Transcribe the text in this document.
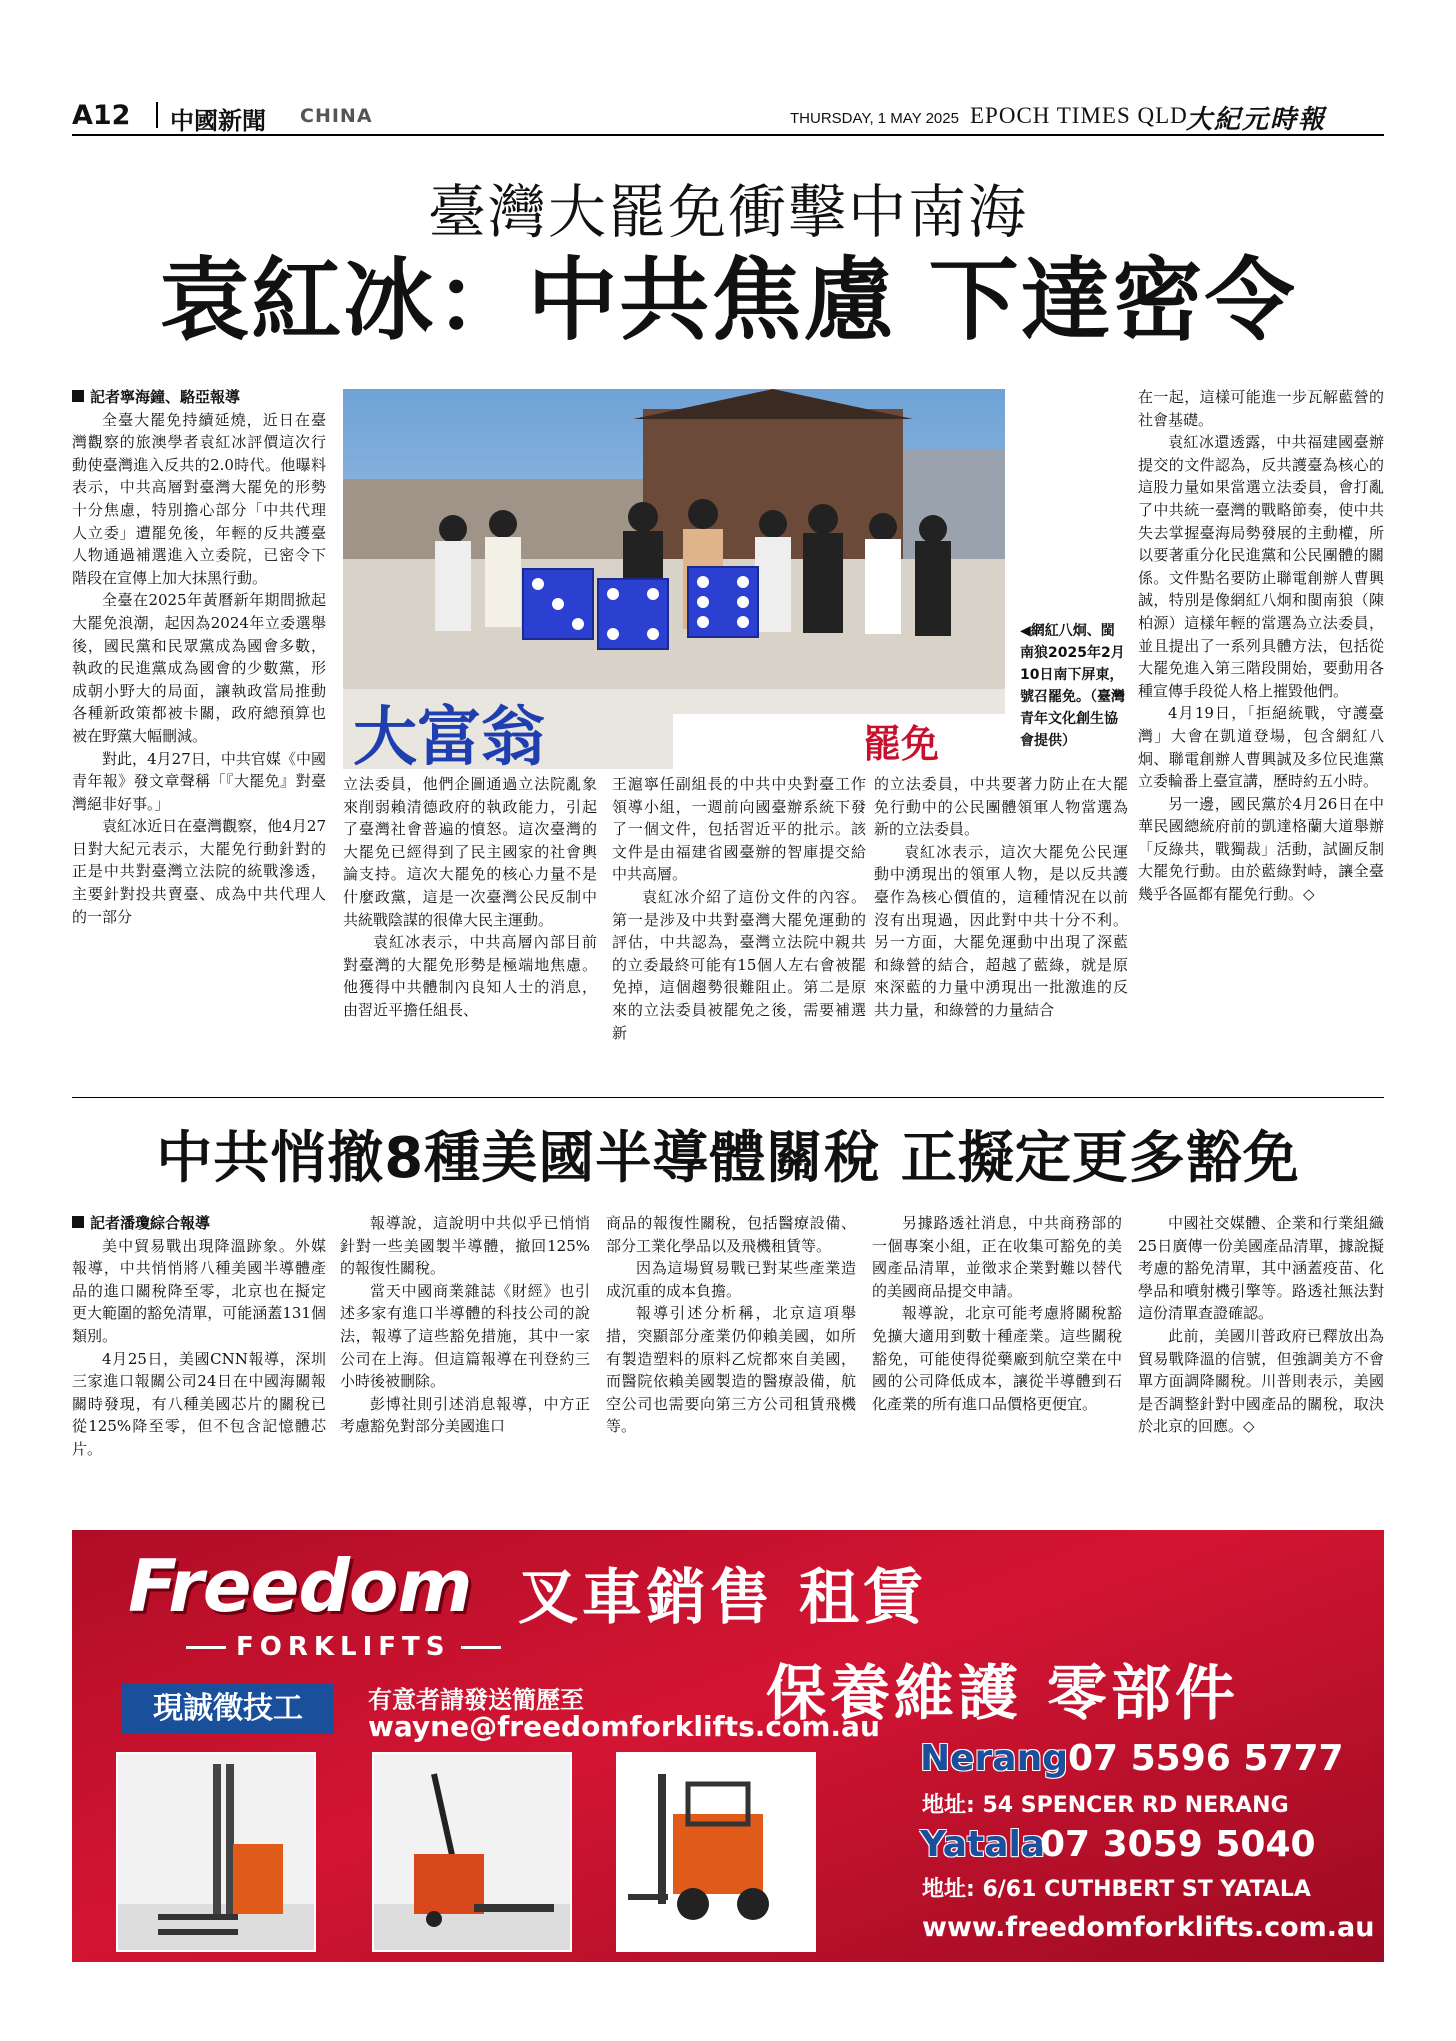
A12 中國新聞 CHINA	THURSDAY, 1 MAY 2025 EPOCH TIMES QLD
大紀元時報
臺灣大罷免衝擊中南海
袁紅冰：中共焦慮 下達密令
記者寧海鐘、駱亞報導

全臺大罷免持續延燒，近日在臺灣觀察的旅澳學者袁紅冰評價這次行動使臺灣進入反共的2.0時代。他曝料表示，中共高層對臺灣大罷免的形勢十分焦慮，特別擔心部分「中共代理人立委」遭罷免後，年輕的反共護臺人物通過補選進入立委院，已密令下階段在宣傳上加大抹黑行動。

全臺在2025年黃曆新年期間掀起大罷免浪潮，起因為2024年立委選舉後，國民黨和民眾黨成為國會多數，執政的民進黨成為國會的少數黨，形成朝小野大的局面，讓執政當局推動各種新政策都被卡關，政府總預算也被在野黨大幅刪減。

對此，4月27日，中共官媒《中國青年報》發文章聲稱「『大罷免』對臺灣絕非好事。」

袁紅冰近日在臺灣觀察，他4月27日對大紀元表示，大罷免行動針對的正是中共對臺灣立法院的統戰滲透，主要針對投共賣臺、成為中共代理人的一部分

大富翁	罷免
◀網紅八炯、閩南狼2025年2月10日南下屏東，號召罷免。（臺灣青年文化創生協會提供）

立法委員，他們企圖通過立法院亂象來削弱賴清德政府的執政能力，引起了臺灣社會普遍的憤怒。這次臺灣的大罷免已經得到了民主國家的社會輿論支持。這次大罷免的核心力量不是什麼政黨，這是一次臺灣公民反制中共統戰陰謀的很偉大民主運動。

袁紅冰表示，中共高層內部目前對臺灣的大罷免形勢是極端地焦慮。他獲得中共體制內良知人士的消息，由習近平擔任組長、

王滬寧任副組長的中共中央對臺工作領導小組，一週前向國臺辦系統下發了一個文件，包括習近平的批示。該文件是由福建省國臺辦的智庫提交給中共高層。

袁紅冰介紹了這份文件的內容。第一是涉及中共對臺灣大罷免運動的評估，中共認為，臺灣立法院中親共的立委最終可能有15個人左右會被罷免掉，這個趨勢很難阻止。第二是原來的立法委員被罷免之後，需要補選新

的立法委員，中共要著力防止在大罷免行動中的公民團體領軍人物當選為新的立法委員。

袁紅冰表示，這次大罷免公民運動中湧現出的領軍人物，是以反共護臺作為核心價值的，這種情況在以前沒有出現過，因此對中共十分不利。另一方面，大罷免運動中出現了深藍和綠營的結合，超越了藍綠，就是原來深藍的力量中湧現出一批激進的反共力量，和綠營的力量結合

在一起，這樣可能進一步瓦解藍營的社會基礎。

袁紅冰還透露，中共福建國臺辦提交的文件認為，反共護臺為核心的這股力量如果當選立法委員，會打亂了中共統一臺灣的戰略節奏，使中共失去掌握臺海局勢發展的主動權，所以要著重分化民進黨和公民團體的關係。文件點名要防止聯電創辦人曹興誠，特別是像網紅八炯和閩南狼（陳柏源）這樣年輕的當選為立法委員，並且提出了一系列具體方法，包括從大罷免進入第三階段開始，要動用各種宣傳手段從人格上摧毀他們。

4月19日，「拒絕統戰，守護臺灣」大會在凱道登場，包含網紅八炯、聯電創辦人曹興誠及多位民進黨立委輪番上臺宣講，歷時約五小時。

另一邊，國民黨於4月26日在中華民國總統府前的凱達格蘭大道舉辦「反綠共，戰獨裁」活動，試圖反制大罷免行動。由於藍綠對峙，讓全臺幾乎各區都有罷免行動。◇

中共悄撤8種美國半導體關稅 正擬定更多豁免
記者潘瓊綜合報導

美中貿易戰出現降溫跡象。外媒報導，中共悄悄將八種美國半導體產品的進口關稅降至零，北京也在擬定更大範圍的豁免清單，可能涵蓋131個類別。

4月25日，美國CNN報導，深圳三家進口報關公司24日在中國海關報關時發現，有八種美國芯片的關稅已從125%降至零，但不包含記憶體芯片。

報導說，這說明中共似乎已悄悄針對一些美國製半導體，撤回125%的報復性關稅。

當天中國商業雜誌《財經》也引述多家有進口半導體的科技公司的說法，報導了這些豁免措施，其中一家公司在上海。但這篇報導在刊登約三小時後被刪除。

彭博社則引述消息報導，中方正考慮豁免對部分美國進口

商品的報復性關稅，包括醫療設備、部分工業化學品以及飛機租賃等。

因為這場貿易戰已對某些產業造成沉重的成本負擔。

報導引述分析稱，北京這項舉措，突顯部分產業仍仰賴美國，如所有製造塑料的原料乙烷都來自美國，而醫院依賴美國製造的醫療設備，航空公司也需要向第三方公司租賃飛機等。

另據路透社消息，中共商務部的一個專案小組，正在收集可豁免的美國產品清單，並徵求企業對難以替代的美國商品提交申請。

報導說，北京可能考慮將關稅豁免擴大適用到數十種產業。這些關稅豁免，可能使得從藥廠到航空業在中國的公司降低成本，讓從半導體到石化產業的所有進口品價格更便宜。

中國社交媒體、企業和行業組織25日廣傳一份美國產品清單，據說擬考慮的豁免清單，其中涵蓋疫苗、化學品和噴射機引擎等。路透社無法對這份清單查證確認。

此前，美國川普政府已釋放出為貿易戰降溫的信號，但強調美方不會單方面調降關稅。川普則表示，美國是否調整針對中國產品的關稅，取決於北京的回應。◇

Freedom
FORKLIFTS
叉車銷售 租賃
保養維護 零部件
現誠徵技工	有意者請發送簡歷至
wayne@freedomforklifts.com.au
Nerang 07 5596 5777
地址: 54 SPENCER RD NERANG
Yatala
07 3059 5040
地址: 6/61 CUTHBERT ST YATALA
www.freedomforklifts.com.au
